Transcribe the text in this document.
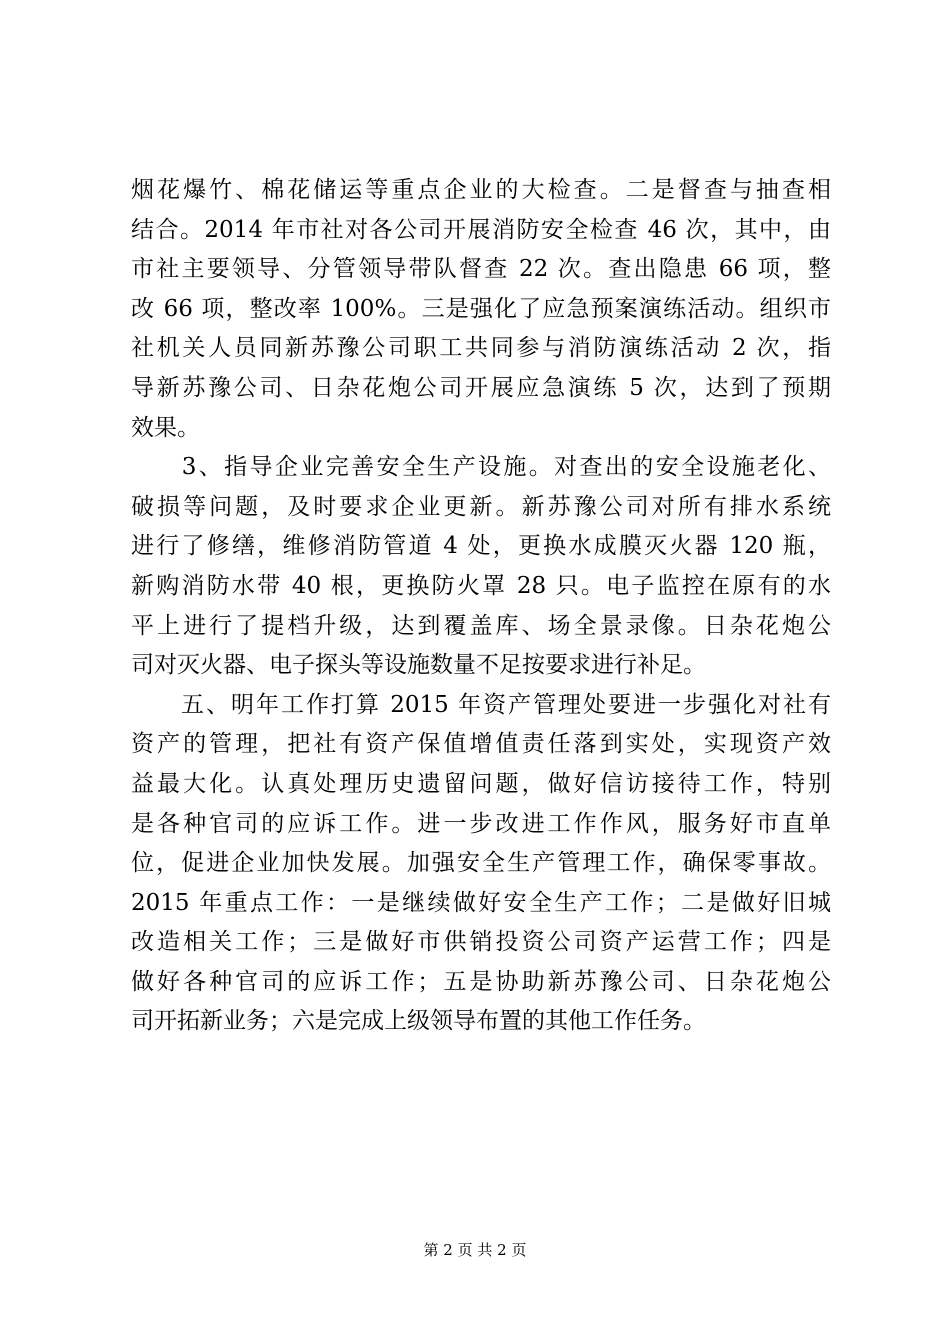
烟花爆竹、棉花储运等重点企业的大检查。二是督查与抽查相
结合。2014 年市社对各公司开展消防安全检查 46 次，其中，由
市社主要领导、分管领导带队督查 22 次。查出隐患 66 项，整
改 66 项，整改率 100%。三是强化了应急预案演练活动。组织市
社机关人员同新苏豫公司职工共同参与消防演练活动 2 次，指
导新苏豫公司、日杂花炮公司开展应急演练 5 次，达到了预期
效果。
　　3、指导企业完善安全生产设施。对查出的安全设施老化、
破损等问题，及时要求企业更新。新苏豫公司对所有排水系统
进行了修缮，维修消防管道 4 处，更换水成膜灭火器 120 瓶，
新购消防水带 40 根，更换防火罩 28 只。电子监控在原有的水
平上进行了提档升级，达到覆盖库、场全景录像。日杂花炮公
司对灭火器、电子探头等设施数量不足按要求进行补足。
　　五、明年工作打算 2015 年资产管理处要进一步强化对社有
资产的管理，把社有资产保值增值责任落到实处，实现资产效
益最大化。认真处理历史遗留问题，做好信访接待工作，特别
是各种官司的应诉工作。进一步改进工作作风，服务好市直单
位，促进企业加快发展。加强安全生产管理工作，确保零事故。
2015 年重点工作：一是继续做好安全生产工作；二是做好旧城
改造相关工作；三是做好市供销投资公司资产运营工作；四是
做好各种官司的应诉工作；五是协助新苏豫公司、日杂花炮公
司开拓新业务；六是完成上级领导布置的其他工作任务。
第 2 页 共 2 页
